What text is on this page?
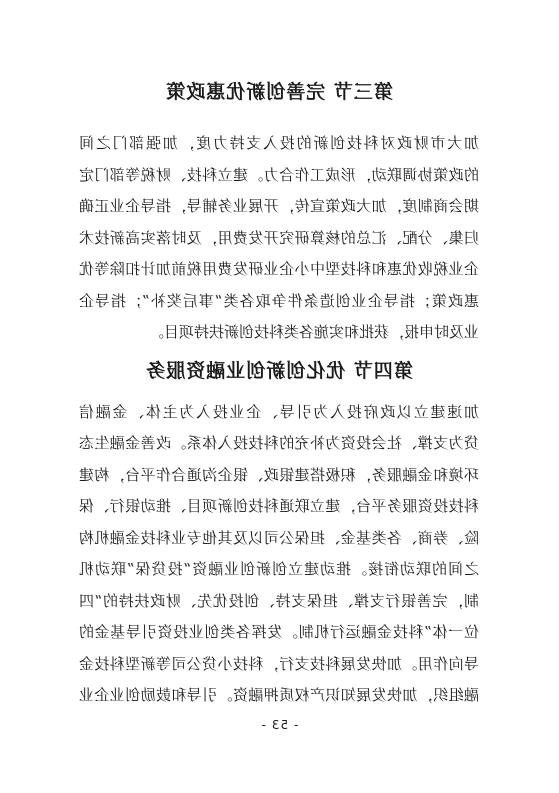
第三节 完善创新优惠政策

加大市财政对科技创新的投入支持力度，加强部门之间
的政策协调联动，形成工作合力。建立科技、财税等部门定
期会商制度，加大政策宣传，开展业务辅导，指导企业正确
归集、分配、汇总的核算研究开发费用，及时落实高新技术
企业税收优惠和科技型中小企业研发费用税前加计扣除等优
惠政策；指导企业创造条件争取各类“事后奖补”；指导企
业及时申报，获批和实施各类科技创新扶持项目。

第四节 优化创新创业融资服务

加速建立以政府投入为引导、企业投入为主体、金融信
贷为支撑、社会投资为补充的科技投入体系。改善金融生态
环境和金融服务，积极搭建银政、银企沟通合作平台，构建
科技投资服务平台，建立联通科技创新项目、推动银行、保
险、券商、各类基金、担保公司以及其他专业科技金融机构
之间的联动衔接。推动建立创新创业融资“投贷保”联动机
制，完善银行支撑、担保支持、创投优先、财政扶持的“四
位一体”科技金融运行机制。发挥各类创业投资引导基金的
导向作用。加快发展科技支行，科技小贷公司等新型科技金
融组织，加快发展知识产权质押融资。引导和鼓励创业企业

- 53 -
